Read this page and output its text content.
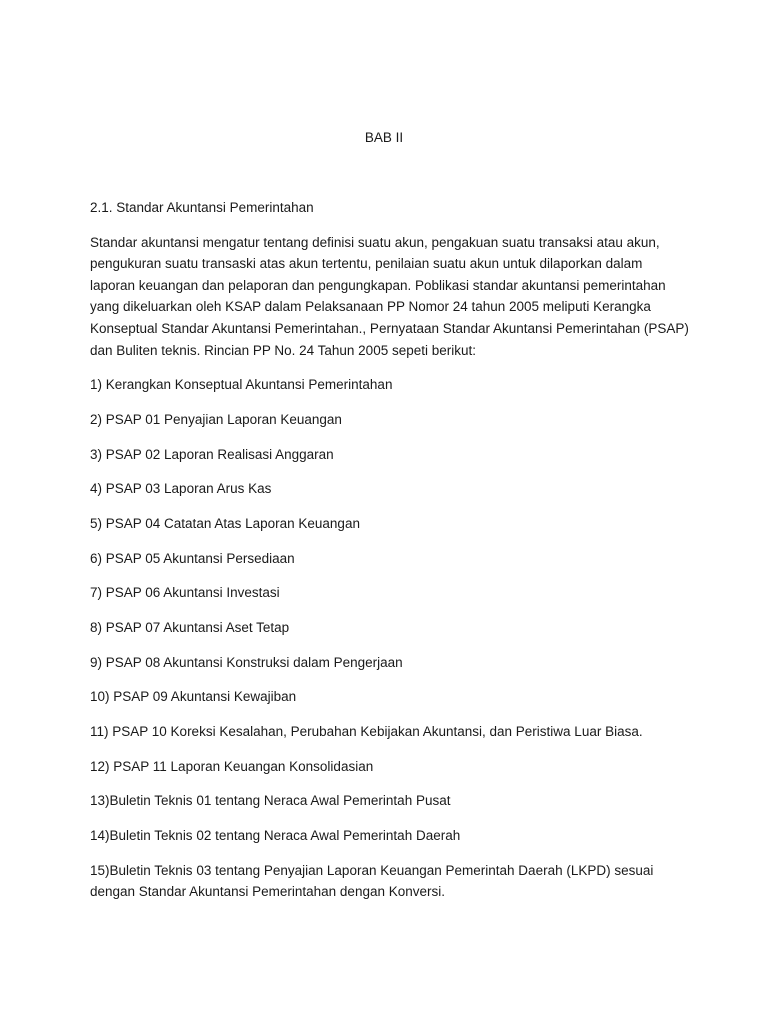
BAB II

2.1. Standar Akuntansi Pemerintahan

Standar akuntansi mengatur tentang definisi suatu akun, pengakuan suatu transaksi atau akun, pengukuran suatu transaski atas akun tertentu, penilaian suatu akun untuk dilaporkan dalam laporan keuangan dan pelaporan dan pengungkapan. Poblikasi standar akuntansi pemerintahan yang dikeluarkan oleh KSAP dalam Pelaksanaan PP Nomor 24 tahun 2005 meliputi Kerangka Konseptual Standar Akuntansi Pemerintahan., Pernyataan Standar Akuntansi Pemerintahan (PSAP) dan Buliten teknis. Rincian PP No. 24 Tahun 2005 sepeti berikut:

1) Kerangkan Konseptual Akuntansi Pemerintahan
2) PSAP 01 Penyajian Laporan Keuangan
3) PSAP 02 Laporan Realisasi Anggaran
4) PSAP 03 Laporan Arus Kas
5) PSAP 04 Catatan Atas Laporan Keuangan
6) PSAP 05 Akuntansi Persediaan
7) PSAP 06 Akuntansi Investasi
8) PSAP 07 Akuntansi Aset Tetap
9) PSAP 08 Akuntansi Konstruksi dalam Pengerjaan
10) PSAP 09 Akuntansi Kewajiban
11) PSAP 10 Koreksi Kesalahan, Perubahan Kebijakan Akuntansi, dan Peristiwa Luar Biasa.
12) PSAP 11 Laporan Keuangan Konsolidasian
13)Buletin Teknis 01 tentang Neraca Awal Pemerintah Pusat
14)Buletin Teknis 02 tentang Neraca Awal Pemerintah Daerah
15)Buletin Teknis 03 tentang Penyajian Laporan Keuangan Pemerintah Daerah (LKPD) sesuai dengan Standar Akuntansi Pemerintahan dengan Konversi.
